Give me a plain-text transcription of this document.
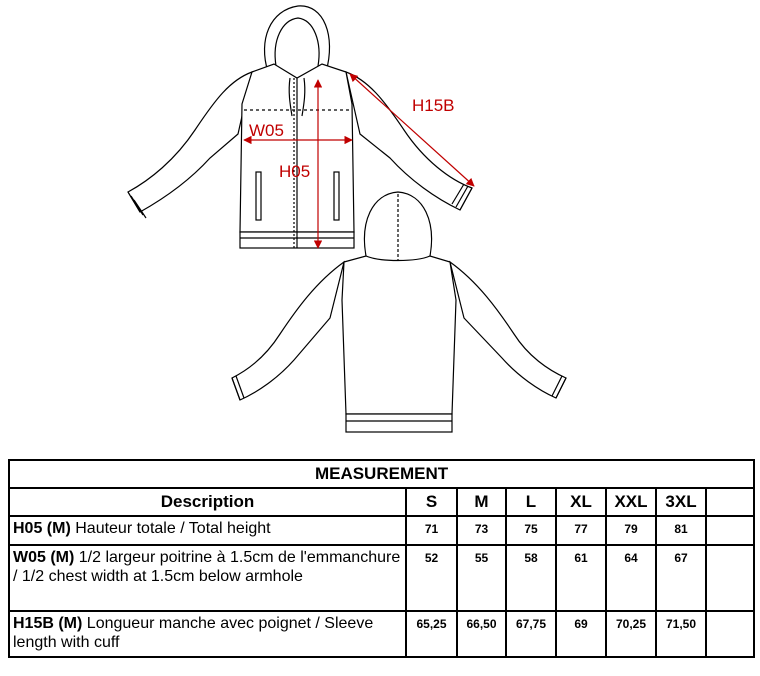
W05
H05
H15B
MEASUREMENT							
Description	S	M	L	XL	XXL	3XL	
H05 (M) Hauteur totale / Total height	71	73	75	77	79	81	
W05 (M) 1/2 largeur poitrine à 1.5cm de l'emmanchure / 1/2 chest width at 1.5cm below armhole	52	55	58	61	64	67	
H15B (M) Longueur manche avec poignet / Sleeve length with cuff	65,25	66,50	67,75	69	70,25	71,50	
